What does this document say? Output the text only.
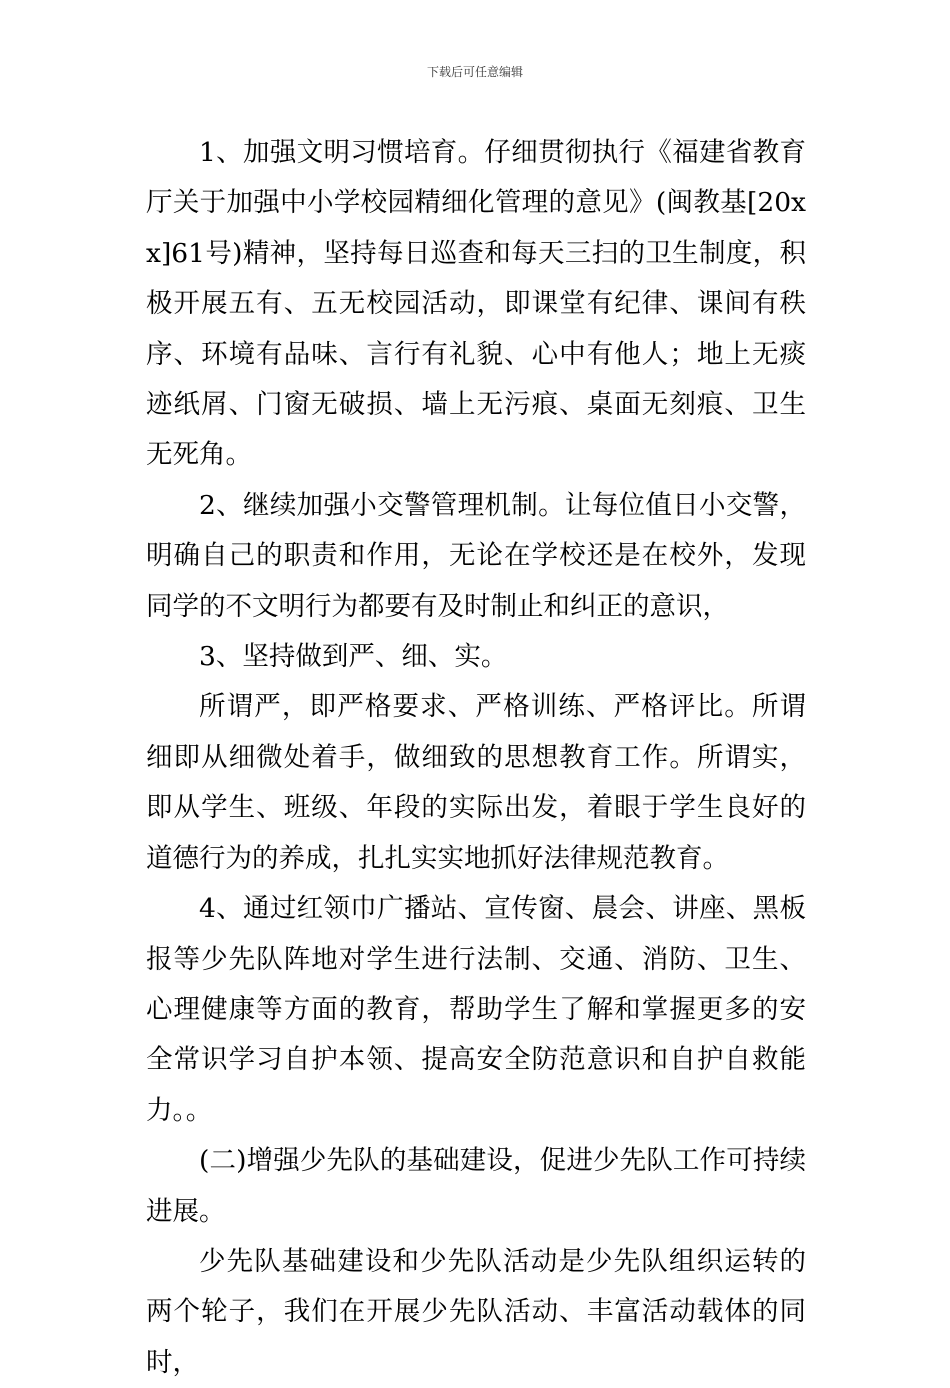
下载后可任意编辑

1、加强文明习惯培育。仔细贯彻执行《福建省教育厅关于加强中小学校园精细化管理的意见》(闽教基[20xx]61号)精神，坚持每日巡查和每天三扫的卫生制度，积极开展五有、五无校园活动，即课堂有纪律、课间有秩序、环境有品味、言行有礼貌、心中有他人；地上无痰迹纸屑、门窗无破损、墙上无污痕、桌面无刻痕、卫生无死角。

2、继续加强小交警管理机制。让每位值日小交警，明确自己的职责和作用，无论在学校还是在校外，发现同学的不文明行为都要有及时制止和纠正的意识，

3、坚持做到严、细、实。

所谓严，即严格要求、严格训练、严格评比。所谓细即从细微处着手，做细致的思想教育工作。所谓实，即从学生、班级、年段的实际出发，着眼于学生良好的道德行为的养成，扎扎实实地抓好法律规范教育。

4、通过红领巾广播站、宣传窗、晨会、讲座、黑板报等少先队阵地对学生进行法制、交通、消防、卫生、心理健康等方面的教育，帮助学生了解和掌握更多的安全常识学习自护本领、提高安全防范意识和自护自救能力。。

(二)增强少先队的基础建设，促进少先队工作可持续进展。

少先队基础建设和少先队活动是少先队组织运转的两个轮子，我们在开展少先队活动、丰富活动载体的同时，
